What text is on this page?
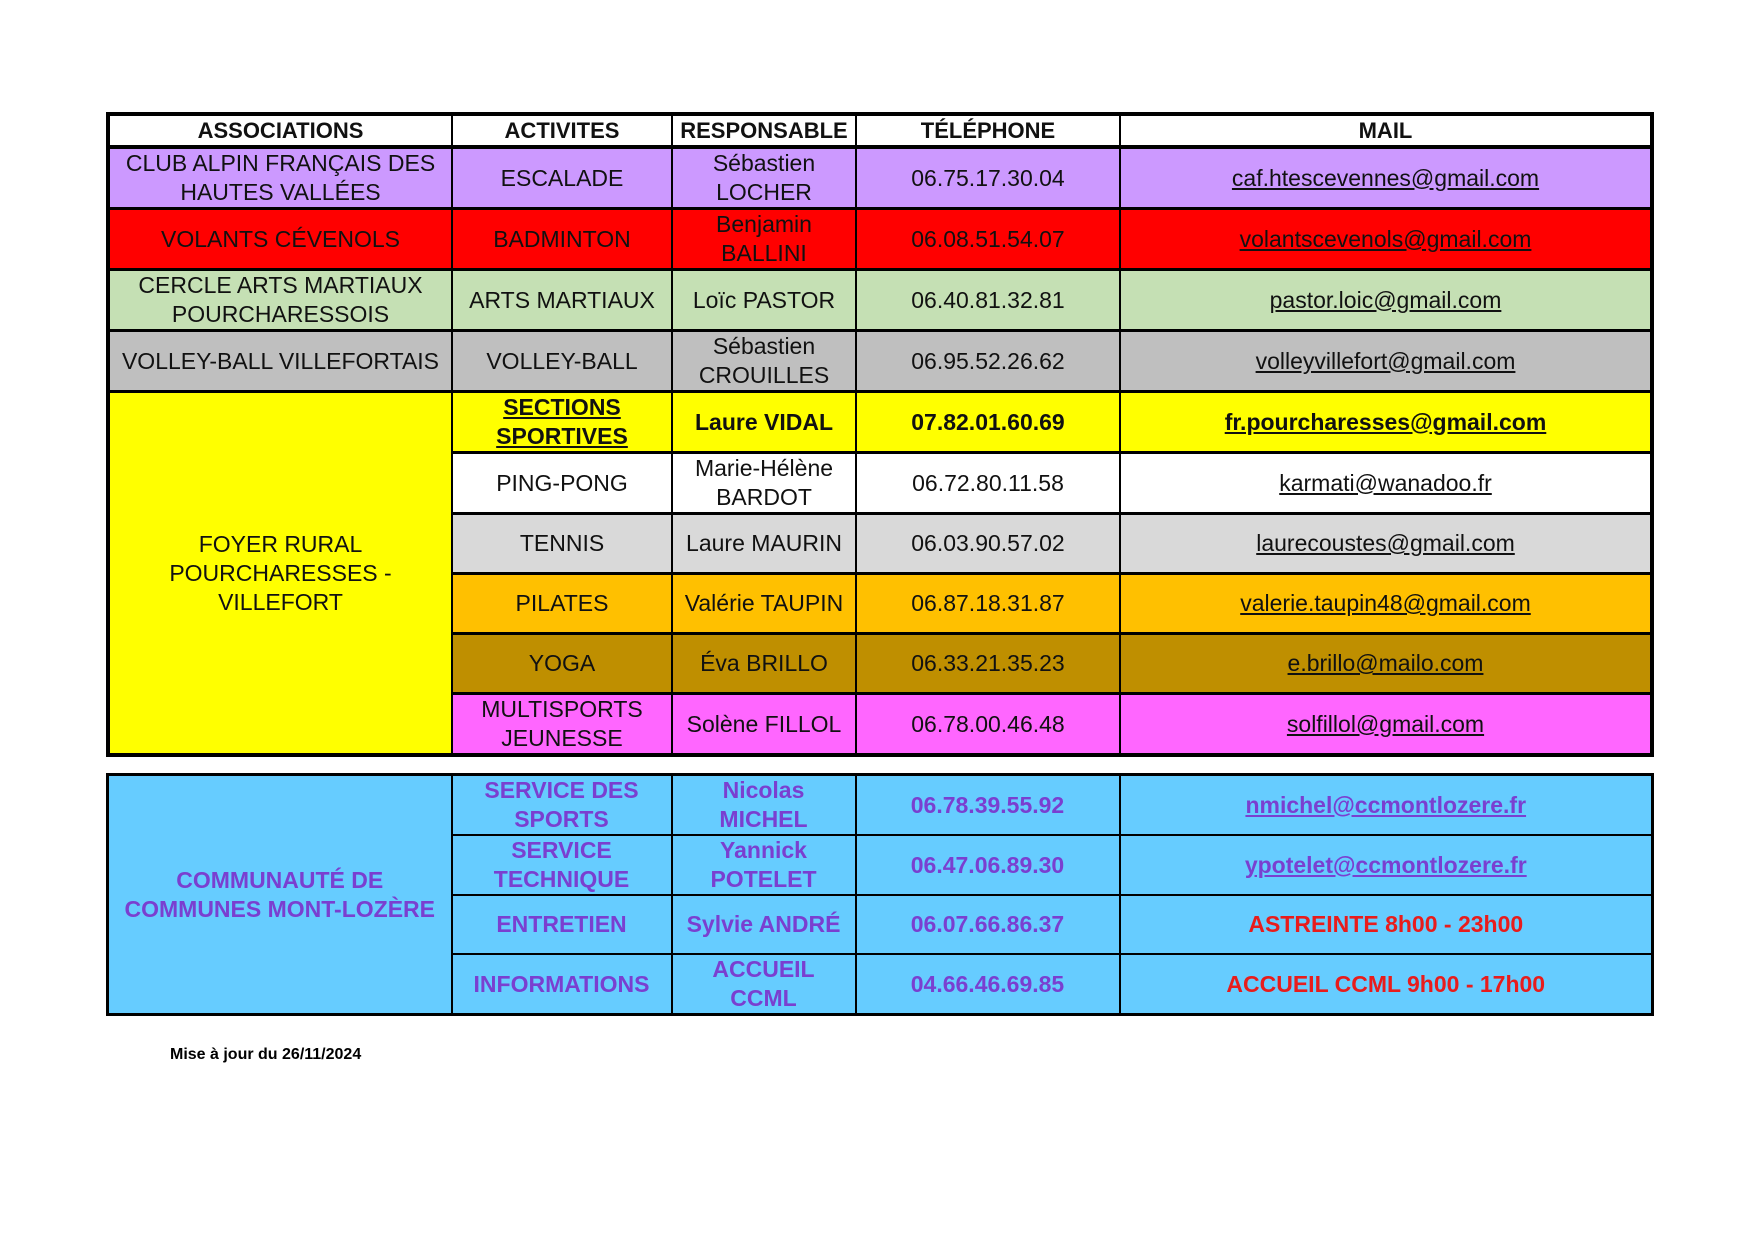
ASSOCIATIONS	ACTIVITES	RESPONSABLE	TÉLÉPHONE	MAIL
CLUB ALPIN FRANÇAIS DES HAUTES VALLÉES	ESCALADE	Sébastien LOCHER	06.75.17.30.04	caf.htescevennes@gmail.com
VOLANTS CÉVENOLS	BADMINTON	Benjamin BALLINI	06.08.51.54.07	volantscevenols@gmail.com
CERCLE ARTS MARTIAUX POURCHARESSOIS	ARTS MARTIAUX	Loïc PASTOR	06.40.81.32.81	pastor.loic@gmail.com
VOLLEY-BALL VILLEFORTAIS	VOLLEY-BALL	Sébastien CROUILLES	06.95.52.26.62	volleyvillefort@gmail.com
FOYER RURAL POURCHARESSES - VILLEFORT	SECTIONS SPORTIVES	Laure VIDAL	07.82.01.60.69	fr.pourcharesses@gmail.com
	PING-PONG	Marie-Hélène BARDOT	06.72.80.11.58	karmati@wanadoo.fr
	TENNIS	Laure MAURIN	06.03.90.57.02	laurecoustes@gmail.com
	PILATES	Valérie TAUPIN	06.87.18.31.87	valerie.taupin48@gmail.com
	YOGA	Éva BRILLO	06.33.21.35.23	e.brillo@mailo.com
	MULTISPORTS JEUNESSE	Solène FILLOL	06.78.00.46.48	solfillol@gmail.com
COMMUNAUTÉ DE COMMUNES MONT-LOZÈRE	SERVICE DES SPORTS	Nicolas MICHEL	06.78.39.55.92	nmichel@ccmontlozere.fr
	SERVICE TECHNIQUE	Yannick POTELET	06.47.06.89.30	ypotelet@ccmontlozere.fr
	ENTRETIEN	Sylvie ANDRÉ	06.07.66.86.37	ASTREINTE 8h00 - 23h00
	INFORMATIONS	ACCUEIL CCML	04.66.46.69.85	ACCUEIL CCML 9h00 - 17h00
Mise à jour du 26/11/2024
